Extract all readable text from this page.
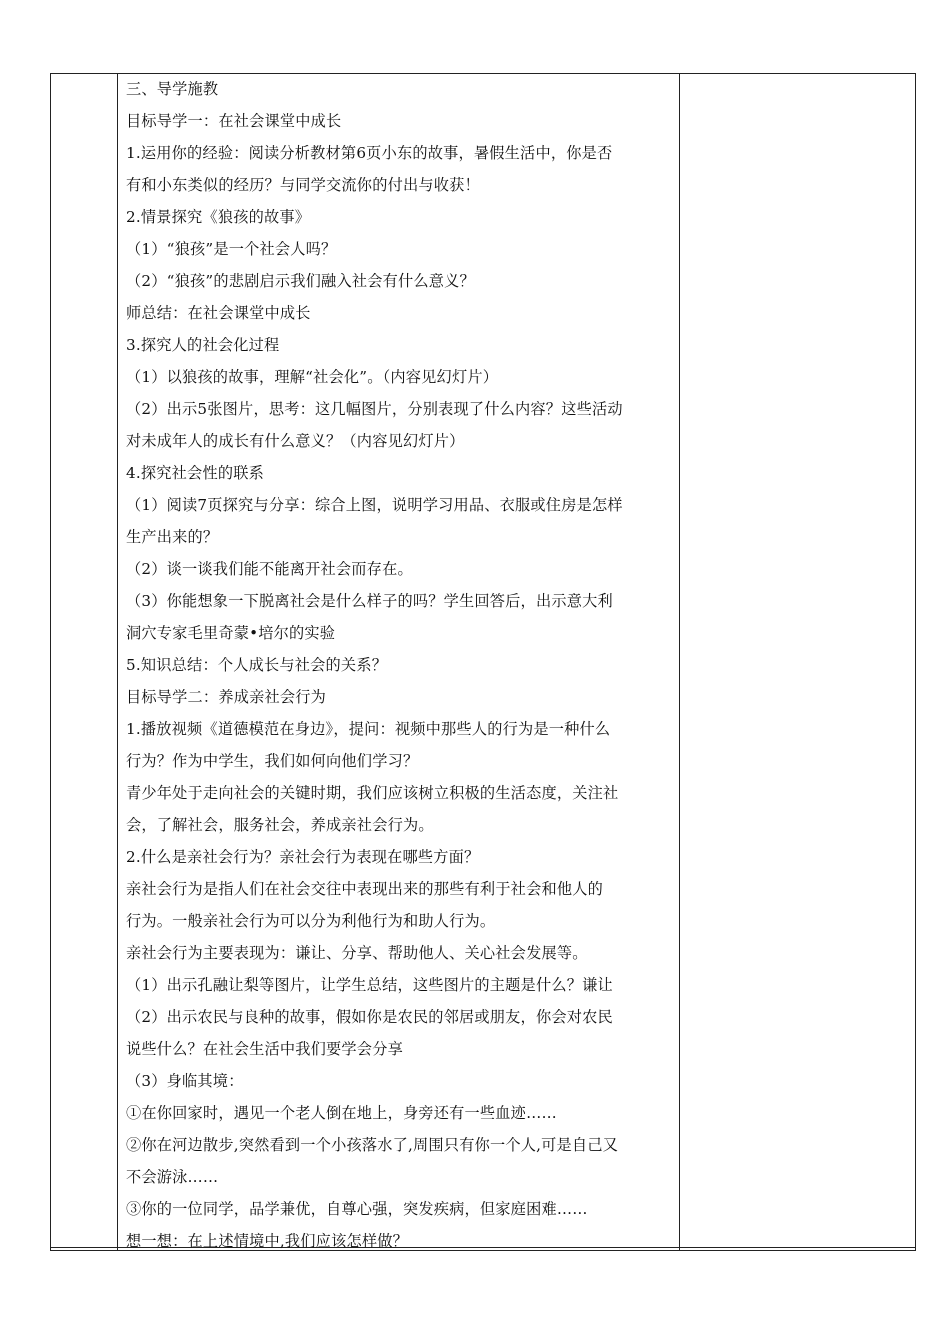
三、导学施教
目标导学一：在社会课堂中成长
1.运用你的经验：阅读分析教材第6页小东的故事，暑假生活中，你是否
有和小东类似的经历？与同学交流你的付出与收获！
2.情景探究《狼孩的故事》
（1）“狼孩”是一个社会人吗？
（2）“狼孩”的悲剧启示我们融入社会有什么意义？
师总结：在社会课堂中成长
3.探究人的社会化过程
（1）以狼孩的故事，理解“社会化”。（内容见幻灯片）
（2）出示5张图片，思考：这几幅图片，分别表现了什么内容？这些活动
对未成年人的成长有什么意义？（内容见幻灯片）
4.探究社会性的联系
（1）阅读7页探究与分享：综合上图，说明学习用品、衣服或住房是怎样
生产出来的？
（2）谈一谈我们能不能离开社会而存在。
（3）你能想象一下脱离社会是什么样子的吗？学生回答后，出示意大利
洞穴专家毛里奇蒙•培尔的实验
5.知识总结：个人成长与社会的关系？
目标导学二：养成亲社会行为
1.播放视频《道德模范在身边》，提问：视频中那些人的行为是一种什么
行为？作为中学生，我们如何向他们学习？
青少年处于走向社会的关键时期，我们应该树立积极的生活态度，关注社
会，了解社会，服务社会，养成亲社会行为。
2.什么是亲社会行为？亲社会行为表现在哪些方面？
亲社会行为是指人们在社会交往中表现出来的那些有利于社会和他人的
行为。一般亲社会行为可以分为利他行为和助人行为。
亲社会行为主要表现为：谦让、分享、帮助他人、关心社会发展等。
（1）出示孔融让梨等图片，让学生总结，这些图片的主题是什么？谦让
（2）出示农民与良种的故事，假如你是农民的邻居或朋友，你会对农民
说些什么？在社会生活中我们要学会分享
（3）身临其境：
①在你回家时，遇见一个老人倒在地上，身旁还有一些血迹……
②你在河边散步,突然看到一个小孩落水了,周围只有你一个人,可是自己又
不会游泳……
③你的一位同学，品学兼优，自尊心强，突发疾病，但家庭困难……
想一想：在上述情境中,我们应该怎样做？
